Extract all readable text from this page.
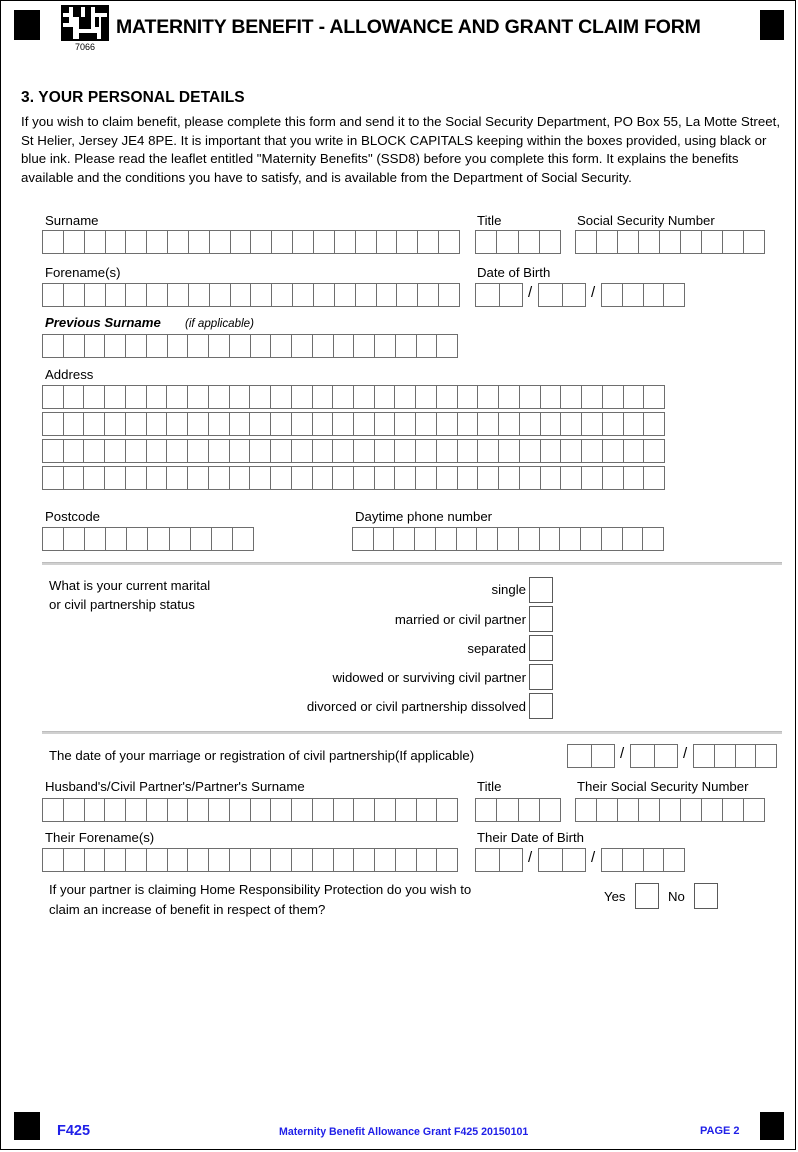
7066
MATERNITY BENEFIT - ALLOWANCE AND GRANT CLAIM FORM
3. YOUR PERSONAL DETAILS
If you wish to claim benefit, please complete this form and send it to the Social Security Department, PO Box 55, La Motte Street, St Helier, Jersey JE4 8PE. It is important that you write in BLOCK CAPITALS keeping within the boxes provided, using black or blue ink. Please read the leaflet entitled "Maternity Benefits" (SSD8) before you complete this form. It explains the benefits available and the conditions you have to satisfy, and is available from the Department of Social Security.
Surname	Title	Social Security Number
Forename(s)	Date of Birth
/	/
Previous Surname (if applicable)
Address
Postcode	Daytime phone number
What is your current marital
or civil partnership status
single
married or civil partner
separated
widowed or surviving civil partner
divorced or civil partnership dissolved
The date of your marriage or registration of civil partnership(If applicable)	/	/
Husband's/Civil Partner's/Partner's Surname	Title	Their Social Security Number
Their Forename(s)	Their Date of Birth
/	/
If your partner is claiming Home Responsibility Protection do you wish to
claim an increase of benefit in respect of them?
Yes	No
F425	Maternity Benefit Allowance Grant F425 20150101	PAGE 2
